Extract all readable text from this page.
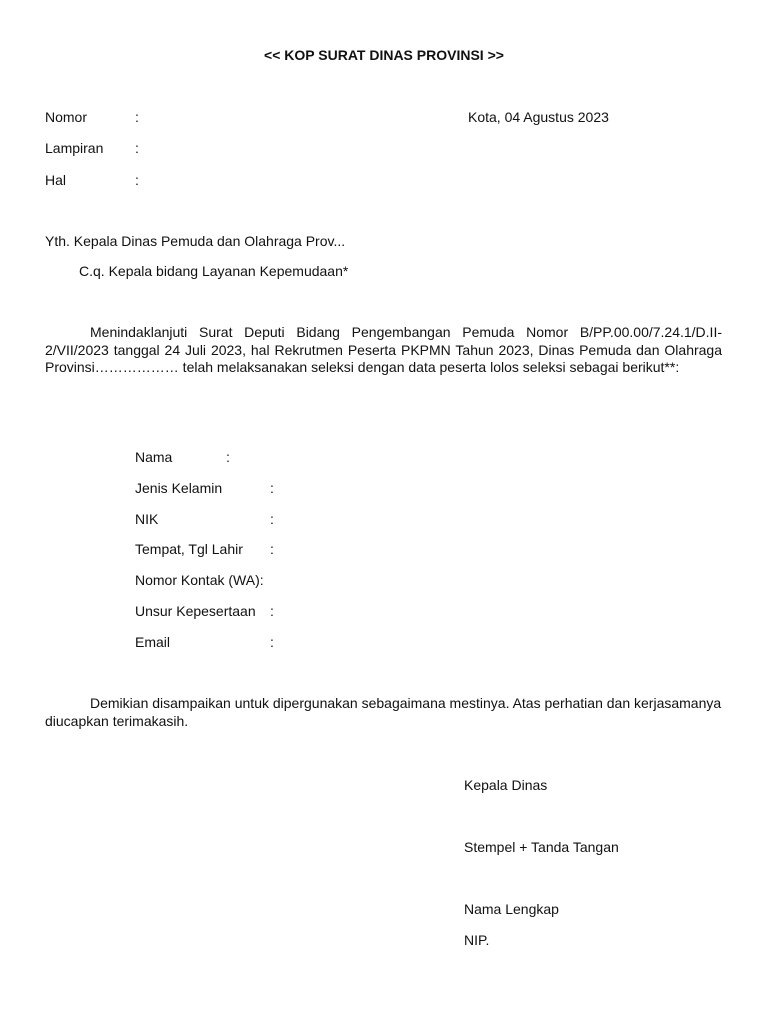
<< KOP SURAT DINAS PROVINSI >>
Nomor	:	Kota, 04 Agustus 2023
Lampiran :
Hal	:
Yth. Kepala Dinas Pemuda dan Olahraga Prov...
C.q. Kepala bidang Layanan Kepemudaan*
Menindaklanjuti Surat Deputi Bidang Pengembangan Pemuda Nomor B/PP.00.00/7.24.1/D.II-2/VII/2023 tanggal 24 Juli 2023, hal Rekrutmen Peserta PKPMN Tahun 2023, Dinas Pemuda dan Olahraga Provinsi……………… telah melaksanakan seleksi dengan data peserta lolos seleksi sebagai berikut**:
Nama	:
Jenis Kelamin	:
NIK	:
Tempat, Tgl Lahir :
Nomor Kontak (WA):
Unsur Kepesertaan :
Email	:
Demikian disampaikan untuk dipergunakan sebagaimana mestinya. Atas perhatian dan kerjasamanya diucapkan terimakasih.
Kepala Dinas
Stempel + Tanda Tangan
Nama Lengkap
NIP.
